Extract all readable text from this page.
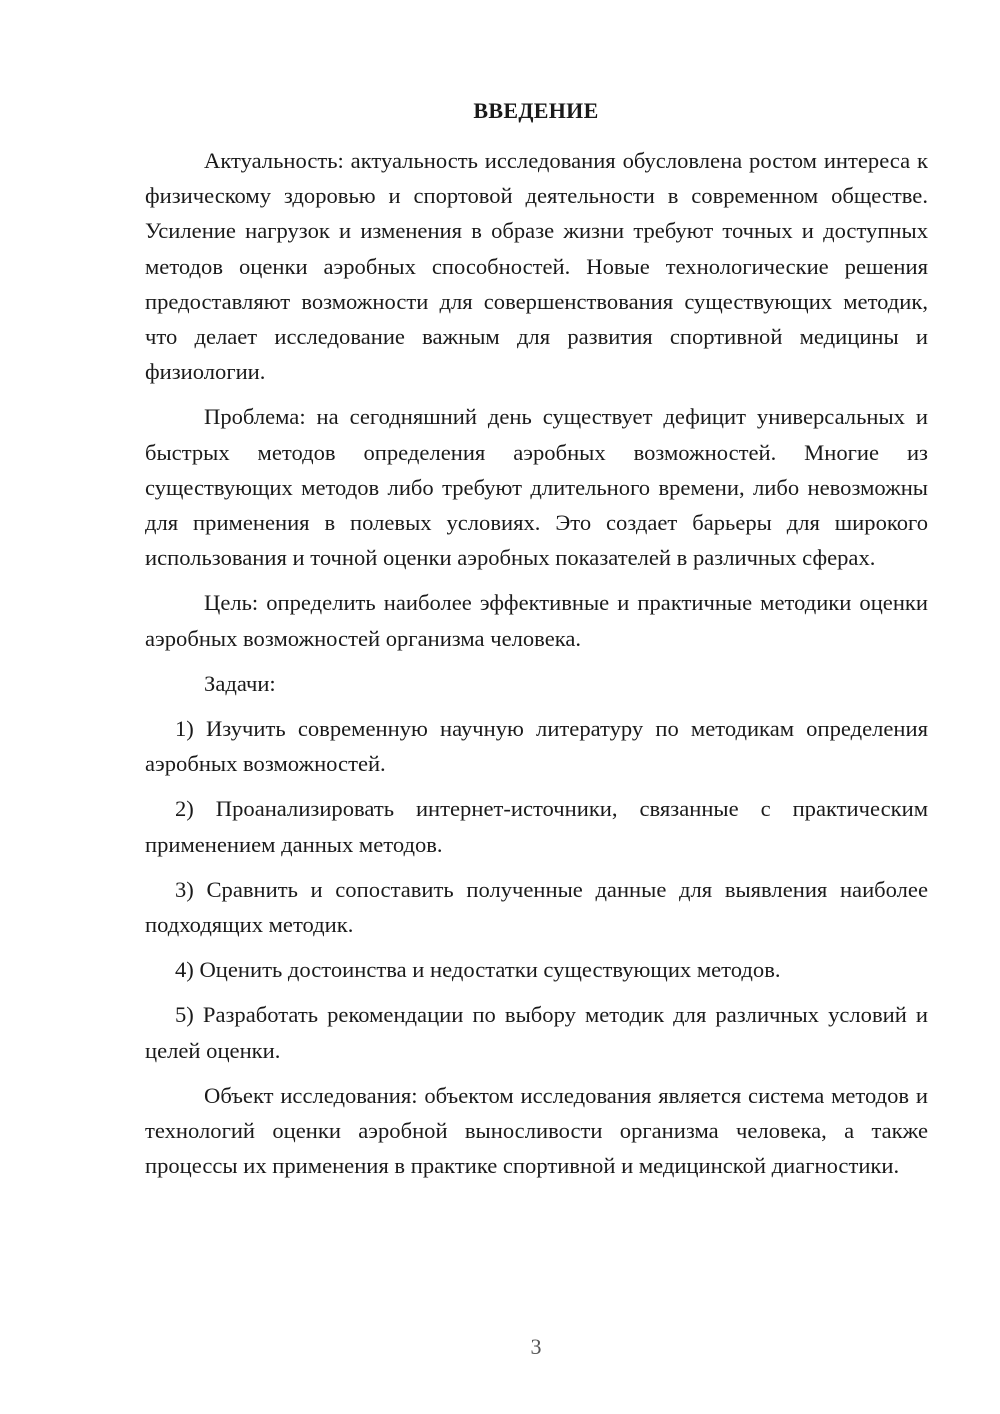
ВВЕДЕНИЕ

Актуальность: актуальность исследования обусловлена ростом интереса к физическому здоровью и спортовой деятельности в современном обществе. Усиление нагрузок и изменения в образе жизни требуют точных и доступных методов оценки аэробных способностей. Новые технологические решения предоставляют возможности для совершенствования существующих методик, что делает исследование важным для развития спортивной медицины и физиологии.

Проблема: на сегодняшний день существует дефицит универсальных и быстрых методов определения аэробных возможностей. Многие из существующих методов либо требуют длительного времени, либо невозможны для применения в полевых условиях. Это создает барьеры для широкого использования и точной оценки аэробных показателей в различных сферах.

Цель: определить наиболее эффективные и практичные методики оценки аэробных возможностей организма человека.

Задачи:

1) Изучить современную научную литературу по методикам определения аэробных возможностей.

2) Проанализировать интернет-источники, связанные с практическим применением данных методов.

3) Сравнить и сопоставить полученные данные для выявления наиболее подходящих методик.

4) Оценить достоинства и недостатки существующих методов.

5) Разработать рекомендации по выбору методик для различных условий и целей оценки.

Объект исследования: объектом исследования является система методов и технологий оценки аэробной выносливости организма человека, а также процессы их применения в практике спортивной и медицинской диагностики.

3
